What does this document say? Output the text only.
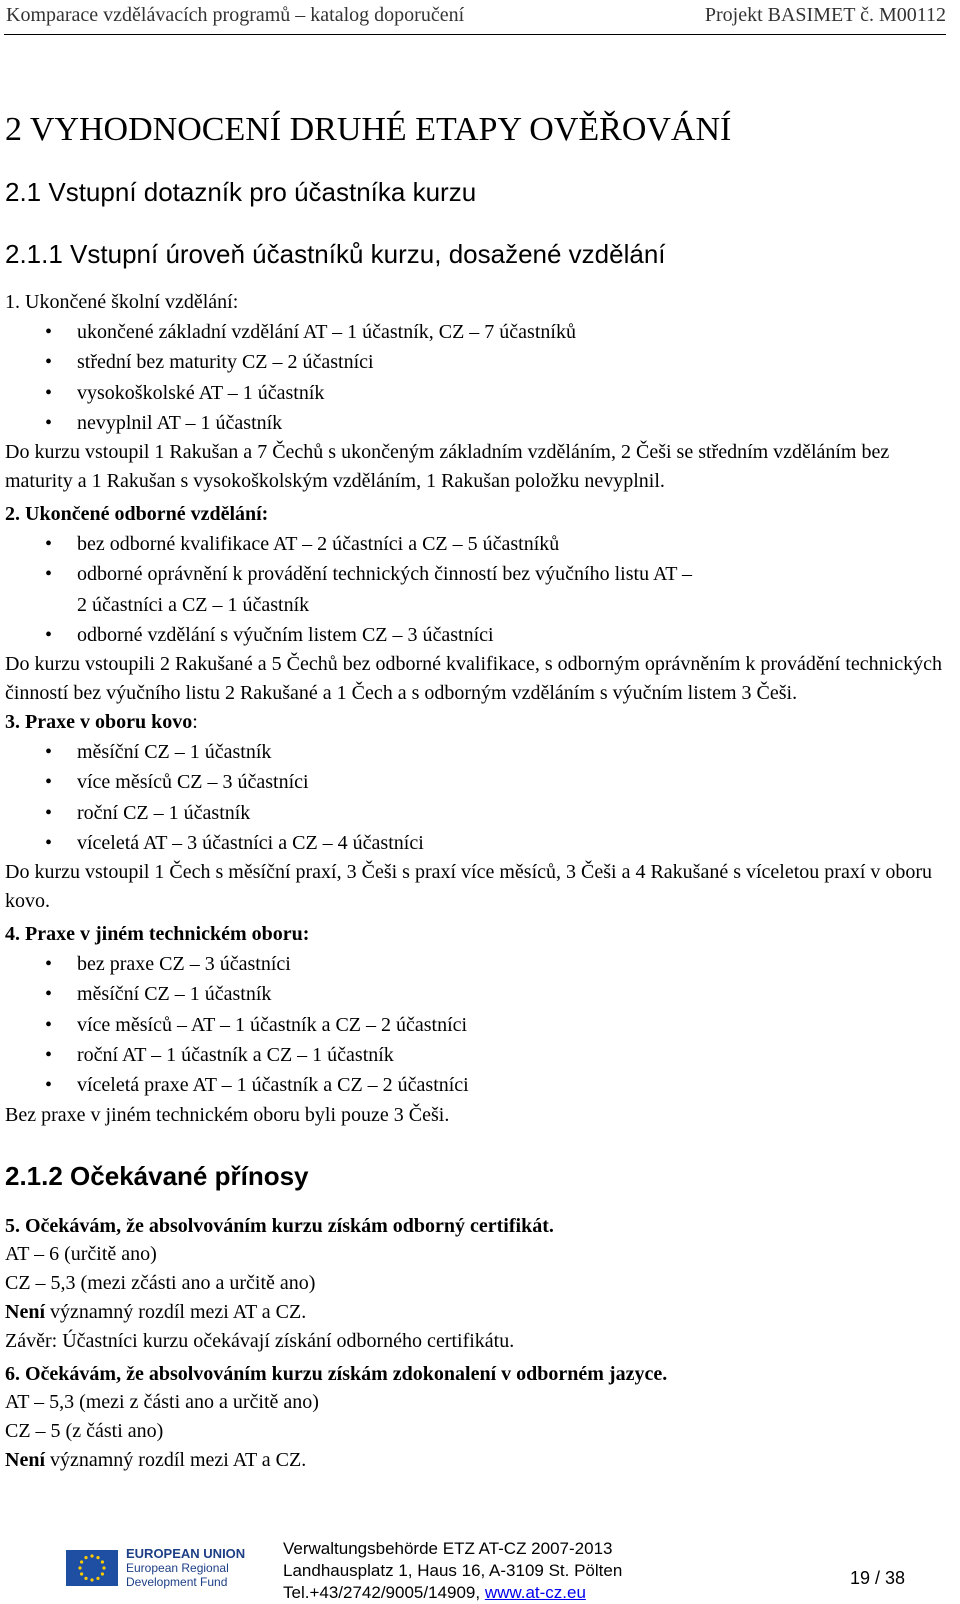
Komparace vzdělávacích programů – katalog doporučení	Projekt BASIMET č. M00112
2 VYHODNOCENÍ DRUHÉ ETAPY OVĚŘOVÁNÍ
2.1 Vstupní dotazník pro účastníka kurzu
2.1.1 Vstupní úroveň účastníků kurzu, dosažené vzdělání
1. Ukončené školní vzdělání:
• ukončené základní vzdělání AT – 1 účastník, CZ – 7 účastníků
• střední bez maturity CZ – 2 účastníci
• vysokoškolské AT – 1 účastník
• nevyplnil AT – 1 účastník

Do kurzu vstoupil 1 Rakušan a 7 Čechů s ukončeným základním vzděláním, 2 Češi se středním vzděláním bez maturity a 1 Rakušan s vysokoškolským vzděláním, 1 Rakušan položku nevyplnil.

2. Ukončené odborné vzdělání:
• bez odborné kvalifikace AT – 2 účastníci a CZ – 5 účastníků
• odborné oprávnění k provádění technických činností bez výučního listu AT –
2 účastníci a CZ – 1 účastník
• odborné vzdělání s výučním listem CZ – 3 účastníci

Do kurzu vstoupili 2 Rakušané a 5 Čechů bez odborné kvalifikace, s odborným oprávněním k provádění technických činností bez výučního listu 2 Rakušané a 1 Čech a s odborným vzděláním s výučním listem 3 Češi.

3. Praxe v oboru kovo:
• měsíční CZ – 1 účastník
• více měsíců CZ – 3 účastníci
• roční CZ – 1 účastník
• víceletá AT – 3 účastníci a CZ – 4 účastníci

Do kurzu vstoupil 1 Čech s měsíční praxí, 3 Češi s praxí více měsíců, 3 Češi a 4 Rakušané s víceletou praxí v oboru kovo.

4. Praxe v jiném technickém oboru:
• bez praxe CZ – 3 účastníci
• měsíční CZ – 1 účastník
• více měsíců – AT – 1 účastník a CZ – 2 účastníci
• roční AT – 1 účastník a CZ – 1 účastník
• víceletá praxe AT – 1 účastník a CZ – 2 účastníci

Bez praxe v jiném technickém oboru byli pouze 3 Češi.

2.1.2 Očekávané přínosy
5. Očekávám, že absolvováním kurzu získám odborný certifikát.
AT – 6 (určitě ano)
CZ – 5,3 (mezi zčásti ano a určitě ano)
Není významný rozdíl mezi AT a CZ.
Závěr: Účastníci kurzu očekávají získání odborného certifikátu.
6. Očekávám, že absolvováním kurzu získám zdokonalení v odborném jazyce.
AT – 5,3 (mezi z části ano a určitě ano)
CZ – 5 (z části ano)
Není významný rozdíl mezi AT a CZ.
EUROPEAN UNION
European Regional
Development Fund
Verwaltungsbehörde ETZ AT-CZ 2007-2013
Landhausplatz 1, Haus 16, A-3109 St. Pölten
Tel.+43/2742/9005/14909, www.at-cz.eu
19 / 38
